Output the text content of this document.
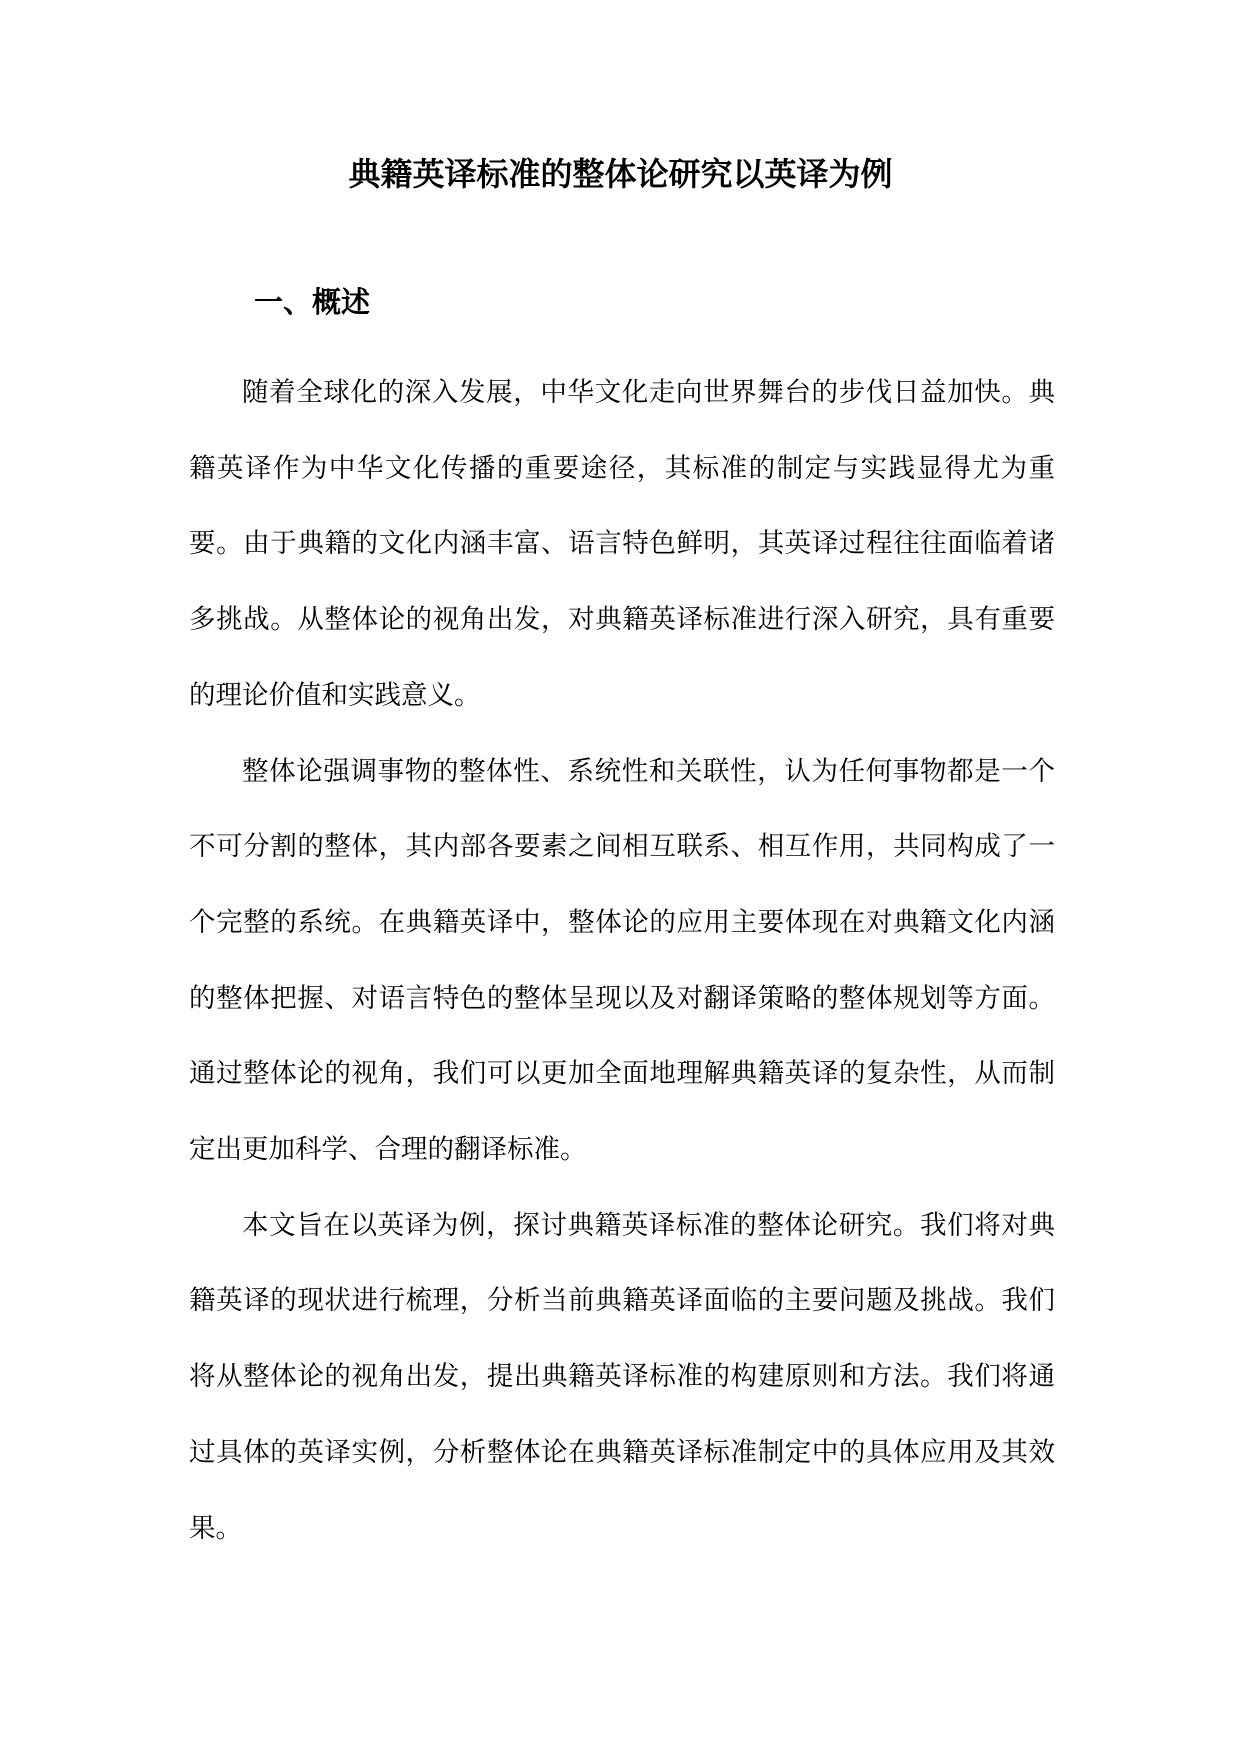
典籍英译标准的整体论研究以英译为例
一、概述

随着全球化的深入发展，中华文化走向世界舞台的步伐日益加快。典籍英译作为中华文化传播的重要途径，其标准的制定与实践显得尤为重要。由于典籍的文化内涵丰富、语言特色鲜明，其英译过程往往面临着诸多挑战。从整体论的视角出发，对典籍英译标准进行深入研究，具有重要的理论价值和实践意义。

整体论强调事物的整体性、系统性和关联性，认为任何事物都是一个不可分割的整体，其内部各要素之间相互联系、相互作用，共同构成了一个完整的系统。在典籍英译中，整体论的应用主要体现在对典籍文化内涵的整体把握、对语言特色的整体呈现以及对翻译策略的整体规划等方面。通过整体论的视角，我们可以更加全面地理解典籍英译的复杂性，从而制定出更加科学、合理的翻译标准。

本文旨在以英译为例，探讨典籍英译标准的整体论研究。我们将对典籍英译的现状进行梳理，分析当前典籍英译面临的主要问题及挑战。我们将从整体论的视角出发，提出典籍英译标准的构建原则和方法。我们将通过具体的英译实例，分析整体论在典籍英译标准制定中的具体应用及其效果。
